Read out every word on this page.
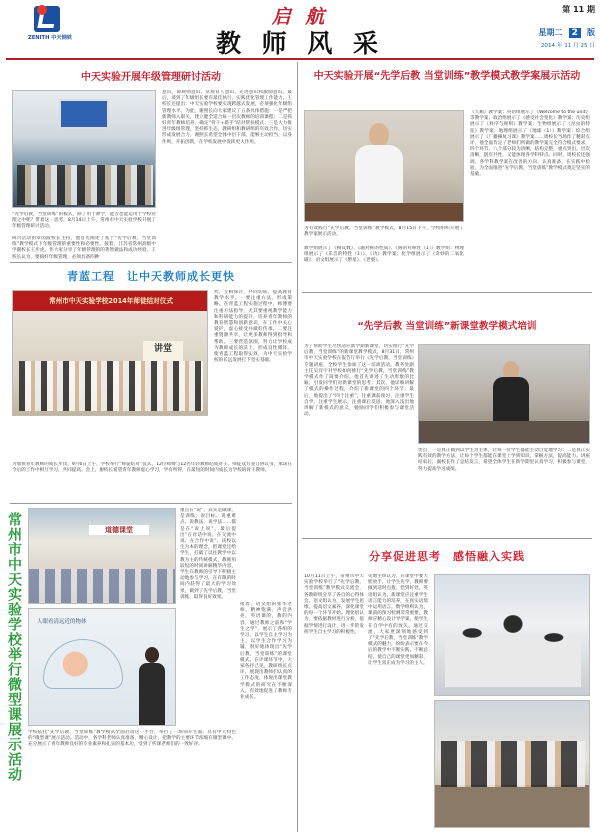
ZENITH 中天钢铁
启 航
教 师 风 采
第 11 期
星期二 2 版
2014 年 11 月 25 日
中天实验开展年级管理研讨活动
“先学后教，当堂训练”的模式，除了用于教学，能否也能运用于学校管理之中呢？带着这一思考，8月14日上午，常州市中天实验学校开展了年级管理研讨活动。
研讨活动由章园波校长主持，他首先阐述了基于“先学后教，当堂训练”教学模式下年级管理的重要性和必要性。接着，江苏省常州高级中学副校长王步虎，作大家分享了年级管理的的著智做法和成功经验。王校长认为，要搞好年级管理，必须具备四种
意识，即规则意识、常规育人意识、先进意识和激励意识。最后，谈到了年级组长要有最佳执行、实践优化管理工作能力。王校长还提出：中天实验学校要实现跨越式发展，必须强化年级组管理水平。为此，谢照长向大家建议了五条具体措施：一是严把新教师入职关，建立健全适合每一层次教师的培训课程；二是抓好青年教师培养，确定“骨干+新手”结对帮扶模式；三是大力推进年级组管理，坚持抓生态，教研组和教研组的有效合作，切实形成发展合力。谢照长希望全体中层干部，能够主动担当，以身作则，开拓创新，在学校发展中发挥更大作用。
中天实验开展“先学后教 当堂训练”教学模式教学案展示活动
为有效践行“先学后教，当堂训练”教学模式，8月15日下午，学校组织开展了教学案展示活动。
教学组展示了《相反数》、《轴对称的性质》、《圆的对称性（1）》数学组：物理组展示了《乐音的特性（1）》、《功》教学案；化学组展示了《奇妙的二氧化碳》；语文组展示了《繁星》、《老栗》。
《天鹅》教学案；英语组展示了《Welcome to the unit》等教学案；政治组展示了《感受社会变化》教学案；历史组展示了《秩序与规则》教学案；生物组展示了《昆虫的特征》教学案；地理组展示了《地球（1）》教学案；综合组展示了《广播操复习课》教学案……周校长当场作了精彩点评，他全面肯定了老师们所做的教学案完全符合模式要求，四个环节、八个部分较为清晰，结构完整，重点突出，层次清晰，既有共性，又能体现各学科特点。同时，周校长还强调，各学科教学案在改善的方向，认真准备，在实践中检验，为全面推进“先学后教，当堂训练”教学模式奠定坚实的基础。
青蓝工程　让中天教师成长更快
常州市中天实验学校2014年师徒结对仪式
讲堂
势，互相探讨，共同切磋，提高教育教学水平。一要注重方法，形成策略。在青蓝工程实施过程中，师傅要注重方法指导，尤其要重视教学能力和科研能力的提升，培养青年教师的教育智慧和创新意识，在工作中关心爱护，虚心接受并做好传承。二要注重资源共享，让更多教师得到指导和帮助。三要营造氛围，努力让学校成为教师成长的沃土，形成良性循环，使青蓝工程取得实效，为中天实验学校的长远发展打下坚实基础。
为加快青年教师的成长步伐，9月6日上午，学校举行“师徒结对”仪式，12位师傅与12名年轻教师结成对子。师徒双方签订协议书，承诺在今后的工作中相互学习，共同提高。会上，谢校长希望青年教师虚心学习，学有所得，在最短的时间内成长为学校的骨干教师。
常州市中天实验学校举行微型课展示活动	道德课堂
人眼看清远近的物体
重点在“说”，其实是做课，是训练；说目标、说重难点、说教法、说学法……都是在“说上说”，最后提出“在对话中说、在交流中说、在合作中说”。该校以生为本的理念，把课堂还给学生，打破了以往教学中以教为主的传统模式，教师用较短的时间讲解精华内容，学生在教师的引导下积极主动地参与学习，在有限的时间内获得了最大的学习效果，做到了先学后教，当堂训练，取得良好效果。
接着，语文组的张华老师，精神饱满，声音洪亮，英语课的，教的内容，通过教师之前和“学生之学”，展示了各组的学习，以学生自主学习为主，以学生合作学习为辅，很好地体现出“先学后教，当堂训练”的课堂模式。在评课环节中，大家各抒己见，教研组长点评，展现出教师们认真的工作态度，体现出课堂教学模式的研究在不断深入，有效地促进了教师专业成长。
学校依托“先学后教，当堂训练”教学模式全面启动这一平台，举行了一场别开生面、具有中天特色的“微型课”展示活动。活动中，各学科老师认真准备，精心设计，把教学的主要环节浓缩在微型课中，充分展示了青年教师良好的专业素养和扎实的基本功，受到了听课老师们的一致好评。
“先学后教 当堂训练”新课堂教学模式培训
为了帮助学生尽快适应新学期新课堂，切实推行“先学后教，当堂训练”的新课堂教学模式，8月31日，常州市中天实验学校在报告厅举行《先学后教，当堂训练》专题讲座，全校学生参加了这一培训活动。教务处副主任吴洋宇对学校如何推行“先学后教，当堂训练”教学模式作了简要介绍。他首先讲述了生动形象的比喻，引发同学们对新课堂的思考；其次，他详细讲解了模式的操作过程，介绍了新课堂的四个环节；最后，他提出了“四个注重”，注重课前预习，注重学生自学，注重学生展示，注重课后反思。他深入浅出地讲解了新模式的意义，勉励同学们积极参与课堂活动。
优点，一是真正做到以学生为主体，让每一位学生都能主动自觉地学习；二是真正实践有效的教学方法，让每个学生都能在课堂上学到知识，掌握方法，提高能力。讲座结束后，副校长作了总结发言，希望全体学生在新学期里认真学习，积极参与课堂，努力提高学习成绩。
分享促进思考　感悟融入实践
10月11日上午，常州市中天实验学校举行了“先学后教，当堂训练”教学模式交流会，各教研组分享了各自的心得体会。语文组认为，发展学生思维，提高语文素养，深化课堂的每一个环节开始。理化组认为，要依据教材进行分析，依据学情进行设计，进一步的发挥学生自主学习的积极性。
史地生组认为，在课堂中要大胆放手，让学生先学，教师要做到适时点拨，恰到好处。英语组认为，新课堂应注重学生语言能力的培养，在真实语境中运用语言。数学组则认为，课前的预习检测非常重要，教师应精心设计导学案，使学生在自学中有的放矢。通过交流，大家更深刻地感受到了“先学后教，当堂训练”教学模式的魅力，纷纷表示要在今后的教学中不断实践、不断总结，使自己的课堂更加精彩，让学生真正成为学习的主人。
